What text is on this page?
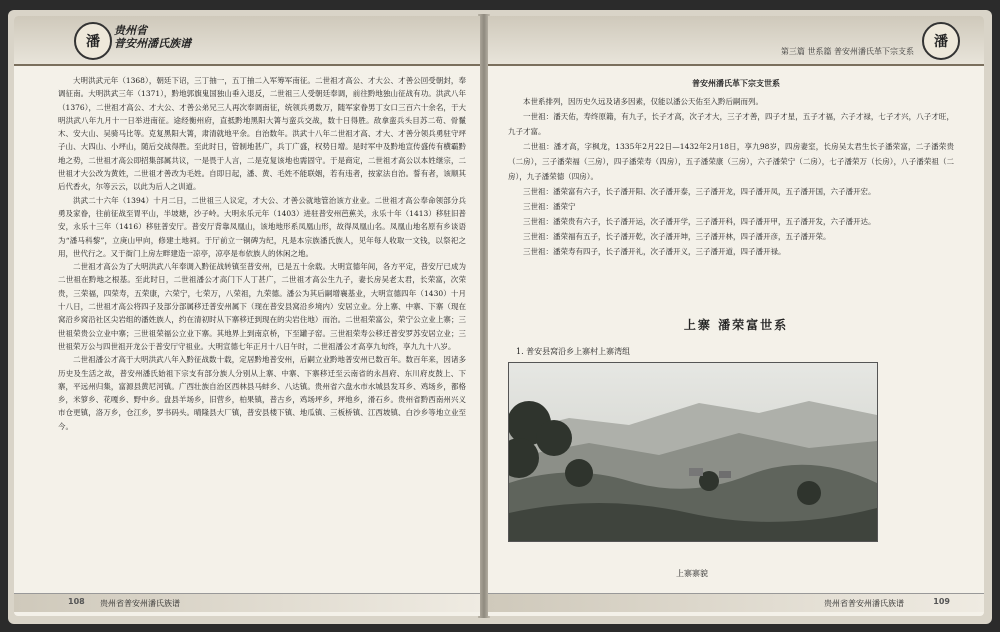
潘
贵州省
普安州潘氏族谱

大明洪武元年（1368），朝廷下诏，三丁抽一，五丁抽二入军筹军南征。二世祖才高公、才大公、才善公回受朝封，奉调征南。大明洪武三年（1371），黔地郭旗鬼国独山垂入退反，二世祖三人受朝廷奉调，前往黔地独山征战有功。洪武八年（1376），二世祖才高公、才大公、才善公弟兄三人再次奉调南征，统领兵勇数万，随军家眷男丁女口三百六十余名，于大明洪武八年九月十一日举进南征。途经衡州府，直抵黔地黑阳大箐与蛮兵交战，数十日得胜。敌拿蛮兵头目苏二苟、骨鬣木、安大山、吴骑马比等。克复黑阳大箐，肃清就地平余。自治数年。洪武十八年二世祖才高、才大、才善分领兵勇驻守坪子山、大四山、小坪山，随后交战得胜。至此时日，管制地甚广，兵丁广盛，权势日增。是时军中及黔地宣传盛传有横霸黔地之势，二世祖才高公即招集部属共议，一是畏于人言，二是克复该地也需固守。于是商定，二世祖才高公以本姓继宗，二世祖才大公改为黄姓，二世祖才善改为毛姓。自即日起，潘、黄、毛姓不能联姻，若有违者，按家法自治。誓有者，该顺其后代香火，尔等云云，以此为后人之训道。

洪武二十六年（1394）十月二日，二世祖三人议定，才大公、才善公就地管治该方业业。二世祖才高公奉命领部分兵勇及家眷，往前征战至胃平山，半坡塘，沙子岭。大明永乐元年（1403）进驻普安州芭蕉关，永乐十年（1413）移驻旧普安，永乐十三年（1416）移驻普安厅。普安厅背靠凤凰山，该地地形系凤凰山形，故得凤凰山名。凤凰山地名原有乡谈语为“潘马科黎”，立庚山甲向，修建土地祠。于厅前立一铜碑为纪，凡是本宗族潘氏族人，见年每人收取一文钱，以祭祀之用，世代行之。又于衙门上房左畔建造一凉亭，凉亭是布依族人的休闲之地。

二世祖才高公为了大明洪武八年奉调入黔征战转镇至普安州，已是五十余载。大明宣德年间，各方平定，普安厅已成为二世祖在黔地之根基。至此时日，二世祖潘公才高门下人丁甚广，二世祖才高公生九子，妻长房吴老太君，长荣富，次荣贵，三荣福，四荣寿，五荣康，六荣宁，七荣万，八荣祖，九荣德。潘公为其后嗣增襄基业，大明宣德四年（1430）十月十八日，二世祖才高公将四子及部分部属移迁普安州属下（现在普安县窝沿乡境内）安居立业。分上寨、中寨、下寨（现在窝沿乡窝沿社区尖岩组的潘姓族人，约在清初时从下寨移迁到现在的尖岩住地）而治。二世祖荣富公，荣宁公立业上寨；三世祖荣贵公立业中寨；三世祖荣福公立业下寨。其地界上到南京桥，下至罐子窑。三世祖荣寿公移迁普安罗苏安居立业；三世祖荣万公与四世祖开龙公于普安厅守祖业。大明宣德七年正月十八日午时，二世祖潘公才高享九旬终，享九九十八岁。

二世祖潘公才高于大明洪武八年入黔征战数十载，定居黔地普安州，后嗣立业黔地普安州已数百年。数百年来，因诸多历史及生活之故，普安州潘氏始祖下宗支有部分族人分别从上寨、中寨、下寨移迁至云南省的永昌府、东川府皮鼓上、下寨，平远州归集，富源县黄尼河镇。广西壮族自治区西林县马蚌乡、八达镇。贵州省六盘水市水城县发耳乡、鸡场乡，都格乡，米箩乡、花嘎乡、野中乡。盘县羊场乡，旧营乡，柏果镇，普古乡，鸡场坪乡，坪地乡，滑石乡。贵州省黔西南州兴义市仓更镇，洛万乡，仓江乡，罗书码头。晴隆县大厂镇，普安县楼下镇、地瓜镇、三板桥镇、江西坡镇、白沙乡等地立业至今。

108 贵州省普安州潘氏族谱
第三篇 世系篇 普安州潘氏革下宗支系
潘
普安州潘氏革下宗支世系

本世系排列，因历史久远及诸多因素，仅能以潘公天佑至入黔后嗣而列。

一世祖：潘天佑，寿终原籍，有九子，长子才高，次子才大，三子才善，四子才星，五子才福，六子才禄，七子才兴，八子才旺，九子才富。

二世祖：潘才高，字枫龙，1335年2月22日—1432年2月18日，享九98岁，四房妻室，长房吴太君生长子潘荣富，二子潘荣贵（二房），三子潘荣福（三房），四子潘荣寿（四房），五子潘荣康（三房），六子潘荣宁（二房），七子潘荣万（长房），八子潘荣祖（二房），九子潘荣德（四房）。

三世祖：潘荣富有六子，长子潘开阳、次子潘开泰，三子潘开龙，四子潘开凤，五子潘开国，六子潘开宏。

三世祖：潘荣宁

三世祖：潘荣贵有六子，长子潘开运，次子潘开学，三子潘开科，四子潘开甲，五子潘开发，六子潘开达。

三世祖：潘荣福有五子，长子潘开乾，次子潘开坤，三子潘开林，四子潘开彦，五子潘开荣。

三世祖：潘荣寿有四子，长子潘开礼，次子潘开义，三子潘开道，四子潘开禄。

上寨 潘荣富世系
1. 普安县窝沿乡上寨村上寨湾组
上寨寨貌
贵州省普安州潘氏族谱	109
